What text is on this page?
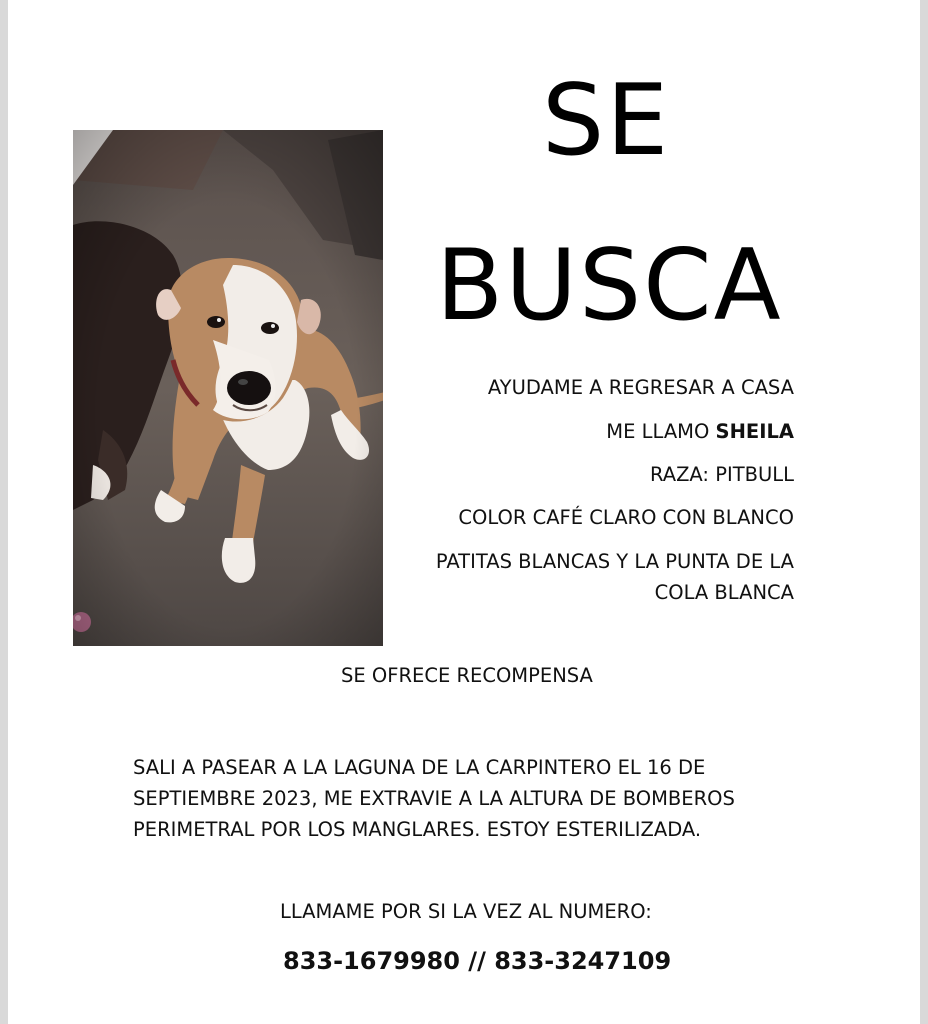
SE
BUSCA
AYUDAME A REGRESAR A CASA
ME LLAMO SHEILA
RAZA: PITBULL
COLOR CAFÉ CLARO CON BLANCO
PATITAS BLANCAS Y LA PUNTA DE LA
COLA BLANCA
SE OFRECE RECOMPENSA
SALI A PASEAR A LA LAGUNA DE LA CARPINTERO EL 16 DE
SEPTIEMBRE 2023, ME EXTRAVIE A LA ALTURA DE BOMBEROS
PERIMETRAL POR LOS MANGLARES. ESTOY ESTERILIZADA.
LLAMAME POR SI LA VEZ AL NUMERO:
833-1679980 // 833-3247109
